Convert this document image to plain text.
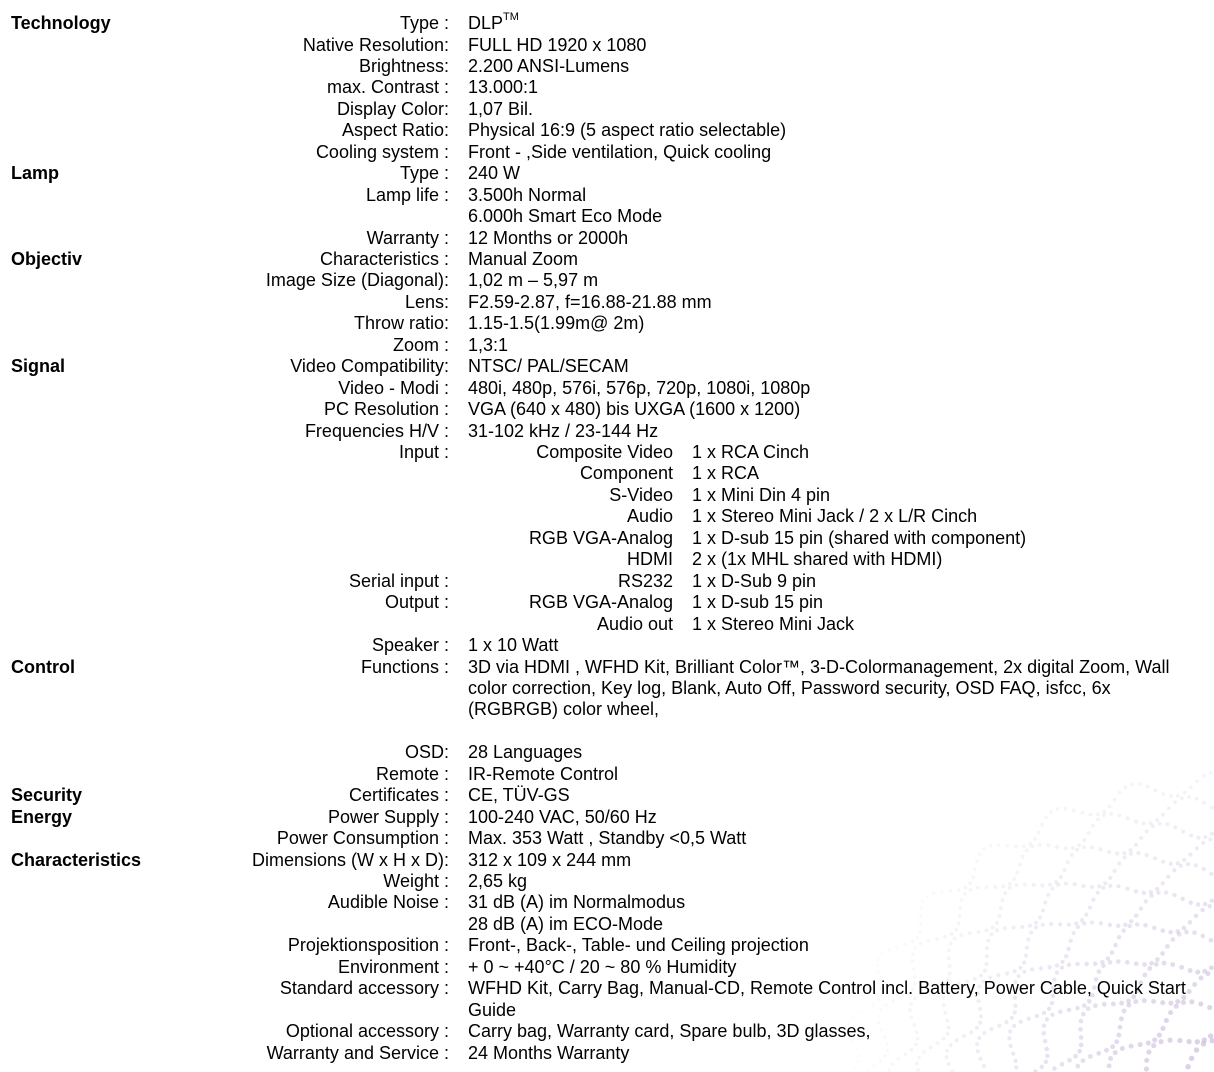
Technology	Type : DLP™
Native Resolution: FULL HD 1920 x 1080
Brightness: 2.200 ANSI-Lumens
max. Contrast : 13.000:1
Display Color: 1,07 Bil.
Aspect Ratio: Physical 16:9 (5 aspect ratio selectable)
Cooling system : Front - ,Side ventilation, Quick cooling
Lamp	Type : 240 W
Lamp life : 3.500h Normal
6.000h Smart Eco Mode
Warranty : 12 Months or 2000h
Objectiv	Characteristics : Manual Zoom
Image Size (Diagonal): 1,02 m – 5,97 m
Lens: F2.59-2.87, f=16.88-21.88 mm
Throw ratio: 1.15-1.5(1.99m@ 2m)
Zoom : 1,3:1
Signal	Video Compatibility: NTSC/ PAL/SECAM
Video - Modi : 480i, 480p, 576i, 576p, 720p, 1080i, 1080p
PC Resolution : VGA (640 x 480) bis UXGA (1600 x 1200)
Frequencies H/V : 31-102 kHz / 23-144 Hz
Input :	Composite Video 1 x RCA Cinch
Component 1 x RCA
S-Video 1 x Mini Din 4 pin
Audio 1 x Stereo Mini Jack / 2 x L/R Cinch
RGB VGA-Analog 1 x D-sub 15 pin (shared with component)
HDMI 2 x (1x MHL shared with HDMI)
Serial input :	RS232 1 x D-Sub 9 pin
Output :	RGB VGA-Analog 1 x D-sub 15 pin
Audio out 1 x Stereo Mini Jack
Speaker : 1 x 10 Watt
Control	Functions : 3D via HDMI , WFHD Kit, Brilliant Color™, 3-D-Colormanagement, 2x digital Zoom, Wall
color correction, Key log, Blank, Auto Off, Password security, OSD FAQ, isfcc, 6x
(RGBRGB) color wheel,
OSD: 28 Languages
Remote : IR-Remote Control
Security	Certificates : CE, TÜV-GS
Energy	Power Supply : 100-240 VAC, 50/60 Hz
Power Consumption : Max. 353 Watt , Standby <0,5 Watt
Characteristics	Dimensions (W x H x D): 312 x 109 x 244 mm
Weight : 2,65 kg
Audible Noise : 31 dB (A) im Normalmodus
28 dB (A) im ECO-Mode
Projektionsposition : Front-, Back-, Table- und Ceiling projection
Environment : + 0 ~ +40°C / 20 ~ 80 % Humidity
Standard accessory : WFHD Kit, Carry Bag, Manual-CD, Remote Control incl. Battery, Power Cable, Quick Start
Guide
Optional accessory : Carry bag, Warranty card, Spare bulb, 3D glasses,
Warranty and Service : 24 Months Warranty
